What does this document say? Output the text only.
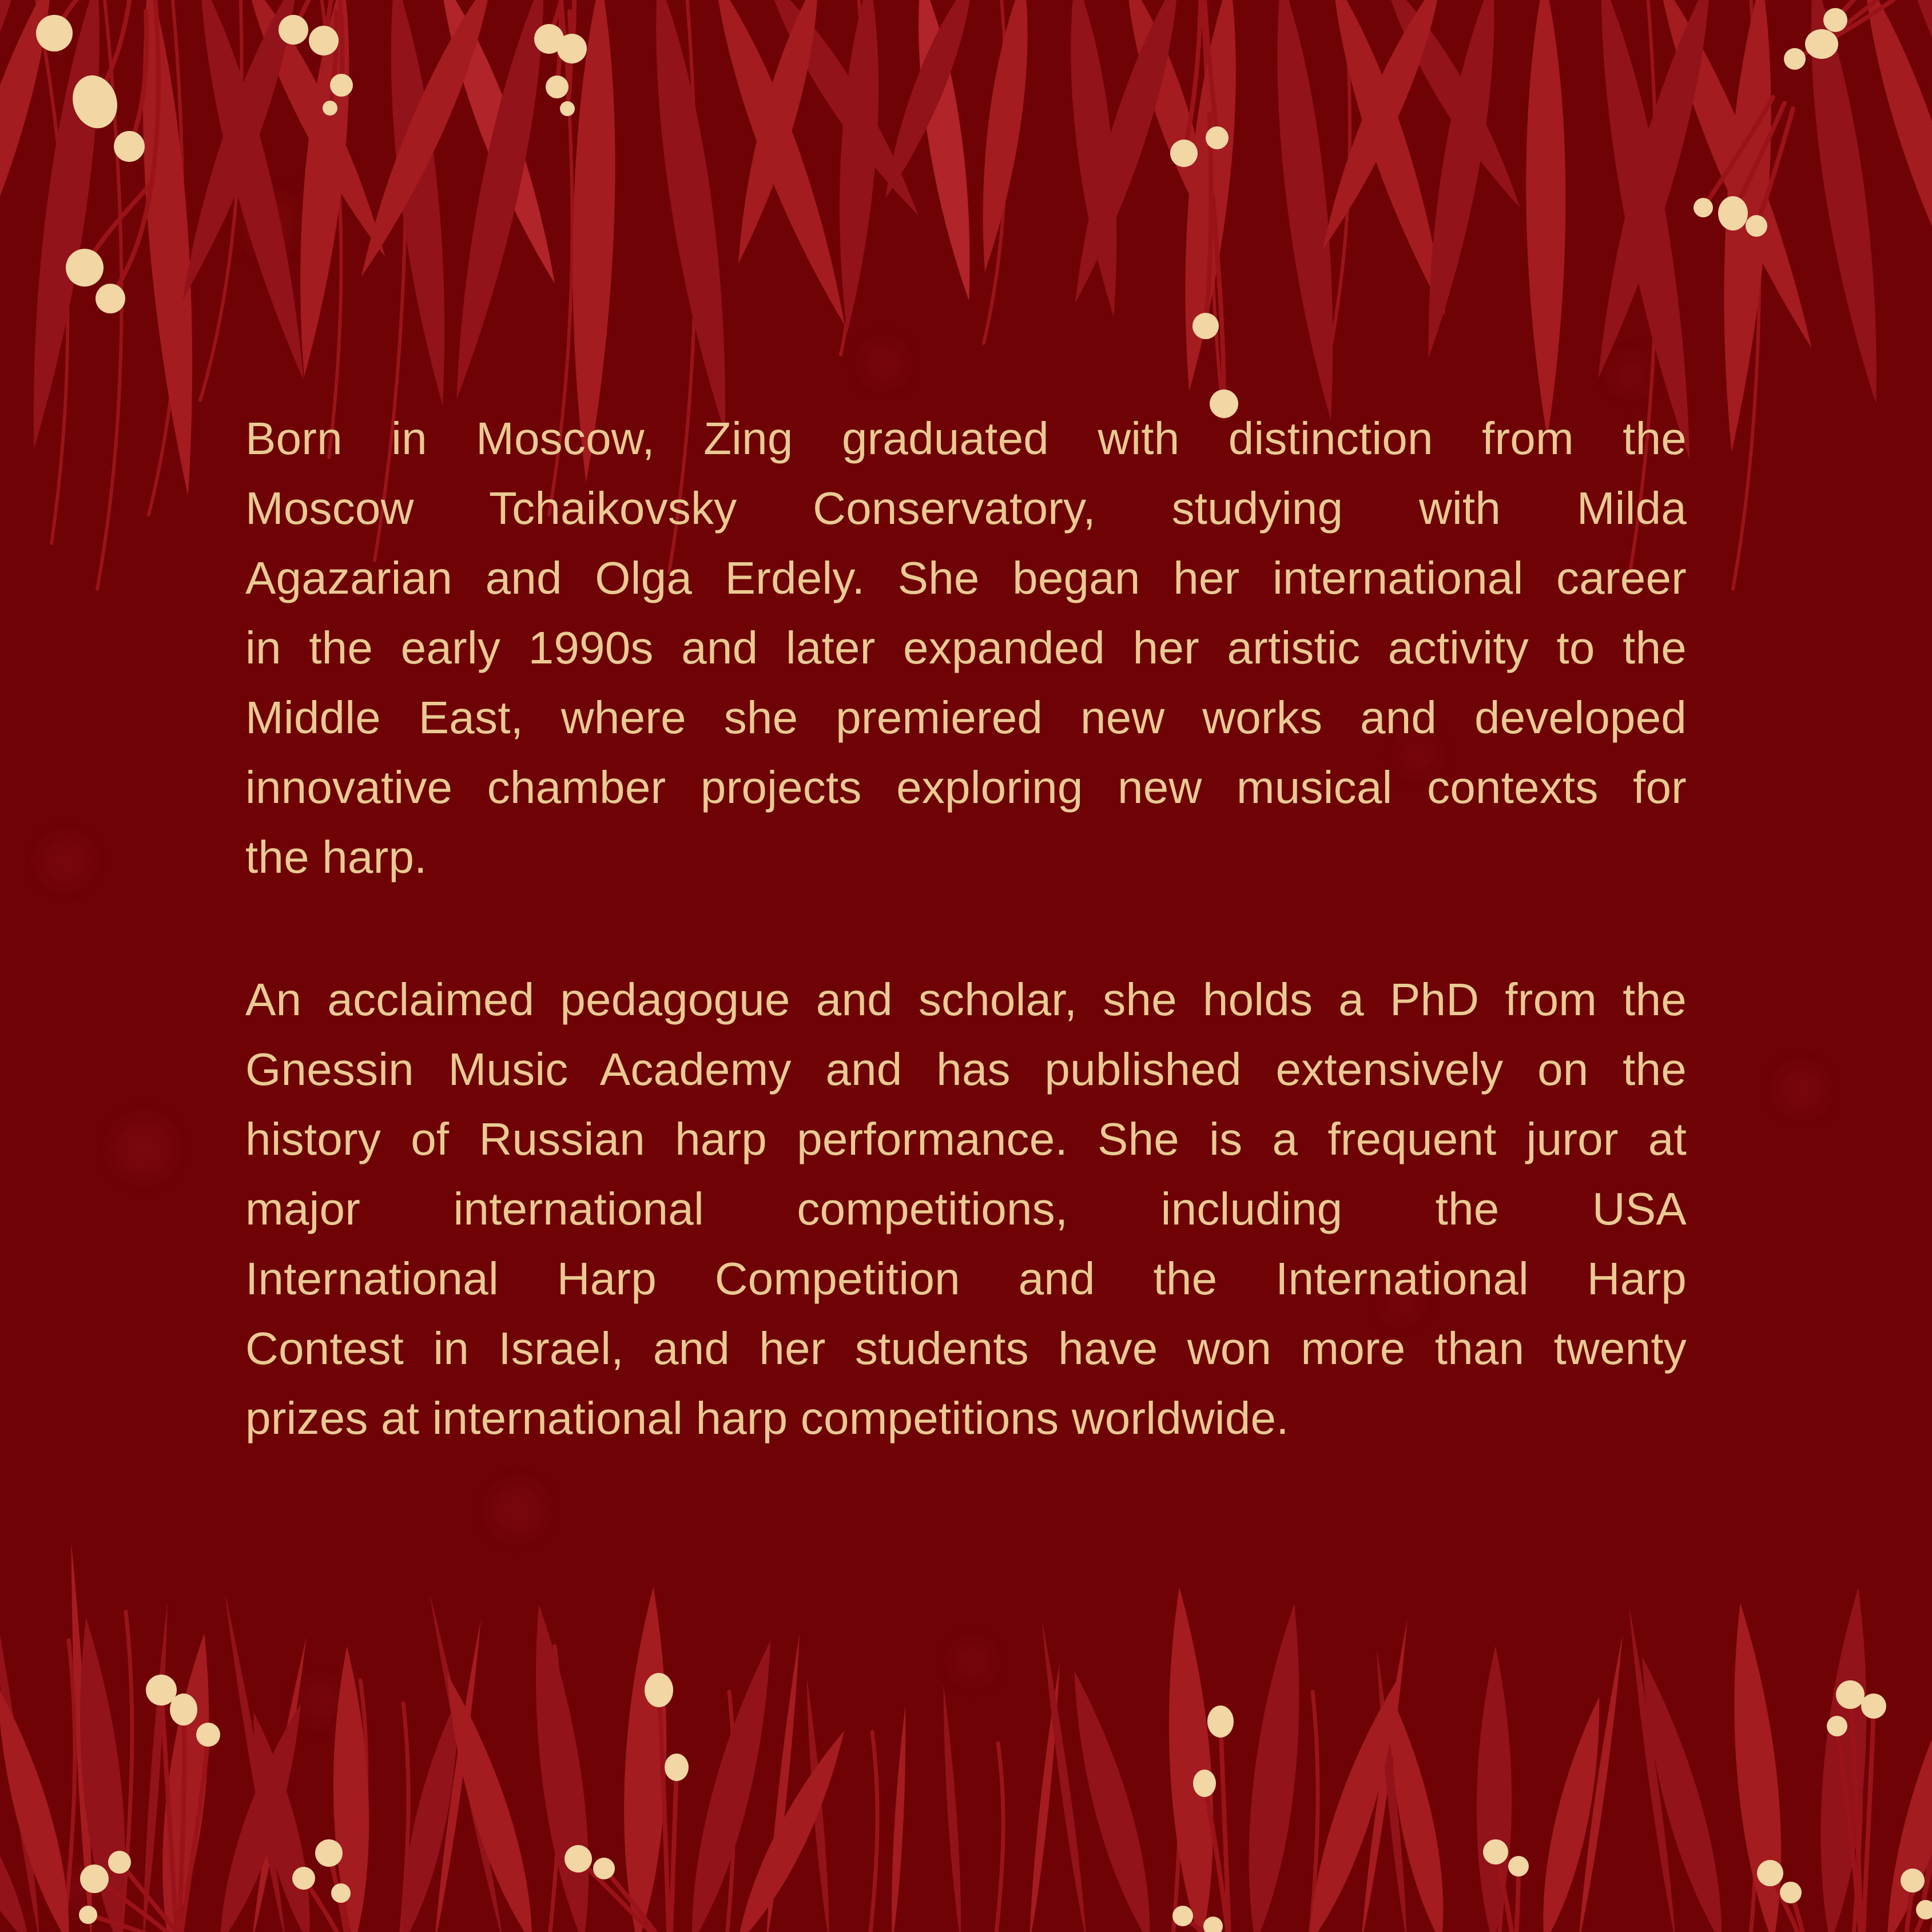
Born in Moscow, Zing graduated with distinction from the
Moscow Tchaikovsky Conservatory, studying with Milda
Agazarian and Olga Erdely. She began her international career
in the early 1990s and later expanded her artistic activity to the
Middle East, where she premiered new works and developed
innovative chamber projects exploring new musical contexts for
the harp.
An acclaimed pedagogue and scholar, she holds a PhD from the
Gnessin Music Academy and has published extensively on the
history of Russian harp performance. She is a frequent juror at
major international competitions, including the USA
International Harp Competition and the International Harp
Contest in Israel, and her students have won more than twenty
prizes at international harp competitions worldwide.
